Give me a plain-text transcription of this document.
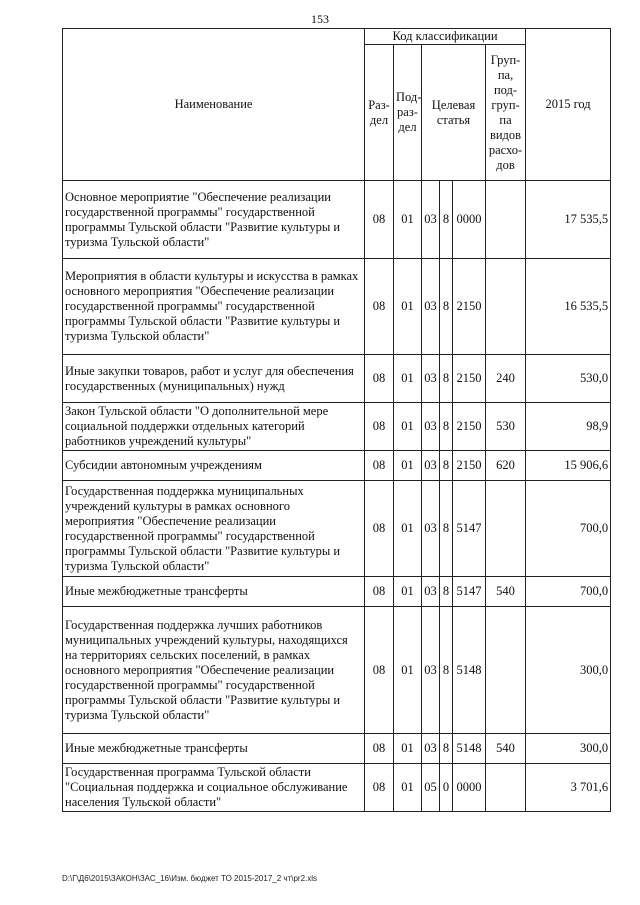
153
Наименование	Код классификации						2015 год
	Раз- дел	Под- раз- дел	Целевая статья			Груп- па, под- груп- па видов расхо- дов	
Основное мероприятие "Обеспечение реализации государственной программы" государственной программы Тульской области "Развитие культуры и туризма Тульской области"	08	01	03	8	0000		17 535,5
Мероприятия в области культуры и искусства в рамках основного мероприятия "Обеспечение реализации государственной программы" государственной программы Тульской области "Развитие культуры и туризма Тульской области"	08	01	03	8	2150		16 535,5
Иные закупки товаров, работ и услуг для обеспечения государственных (муниципальных) нужд	08	01	03	8	2150	240	530,0
Закон Тульской области "О дополнительной мере социальной поддержки отдельных категорий работников учреждений культуры"	08	01	03	8	2150	530	98,9
Субсидии автономным учреждениям	08	01	03	8	2150	620	15 906,6
Государственная поддержка муниципальных учреждений культуры в рамках основного мероприятия "Обеспечение реализации государственной программы" государственной программы Тульской области "Развитие культуры и туризма Тульской области"	08	01	03	8	5147		700,0
Иные межбюджетные трансферты	08	01	03	8	5147	540	700,0
Государственная поддержка лучших работников муниципальных учреждений культуры, находящихся на территориях сельских поселений, в рамках основного мероприятия "Обеспечение реализации государственной программы" государственной программы Тульской области "Развитие культуры и туризма Тульской области"	08	01	03	8	5148		300,0
Иные межбюджетные трансферты	08	01	03	8	5148	540	300,0
Государственная программа Тульской области "Социальная поддержка и социальное обслуживание населения Тульской области"	08	01	05	0	0000		3 701,6
D:\Г\Д6\2015\ЗАКОН\ЗАС_16\Изм. бюджет ТО 2015-2017_2 чт\pr2.xls
